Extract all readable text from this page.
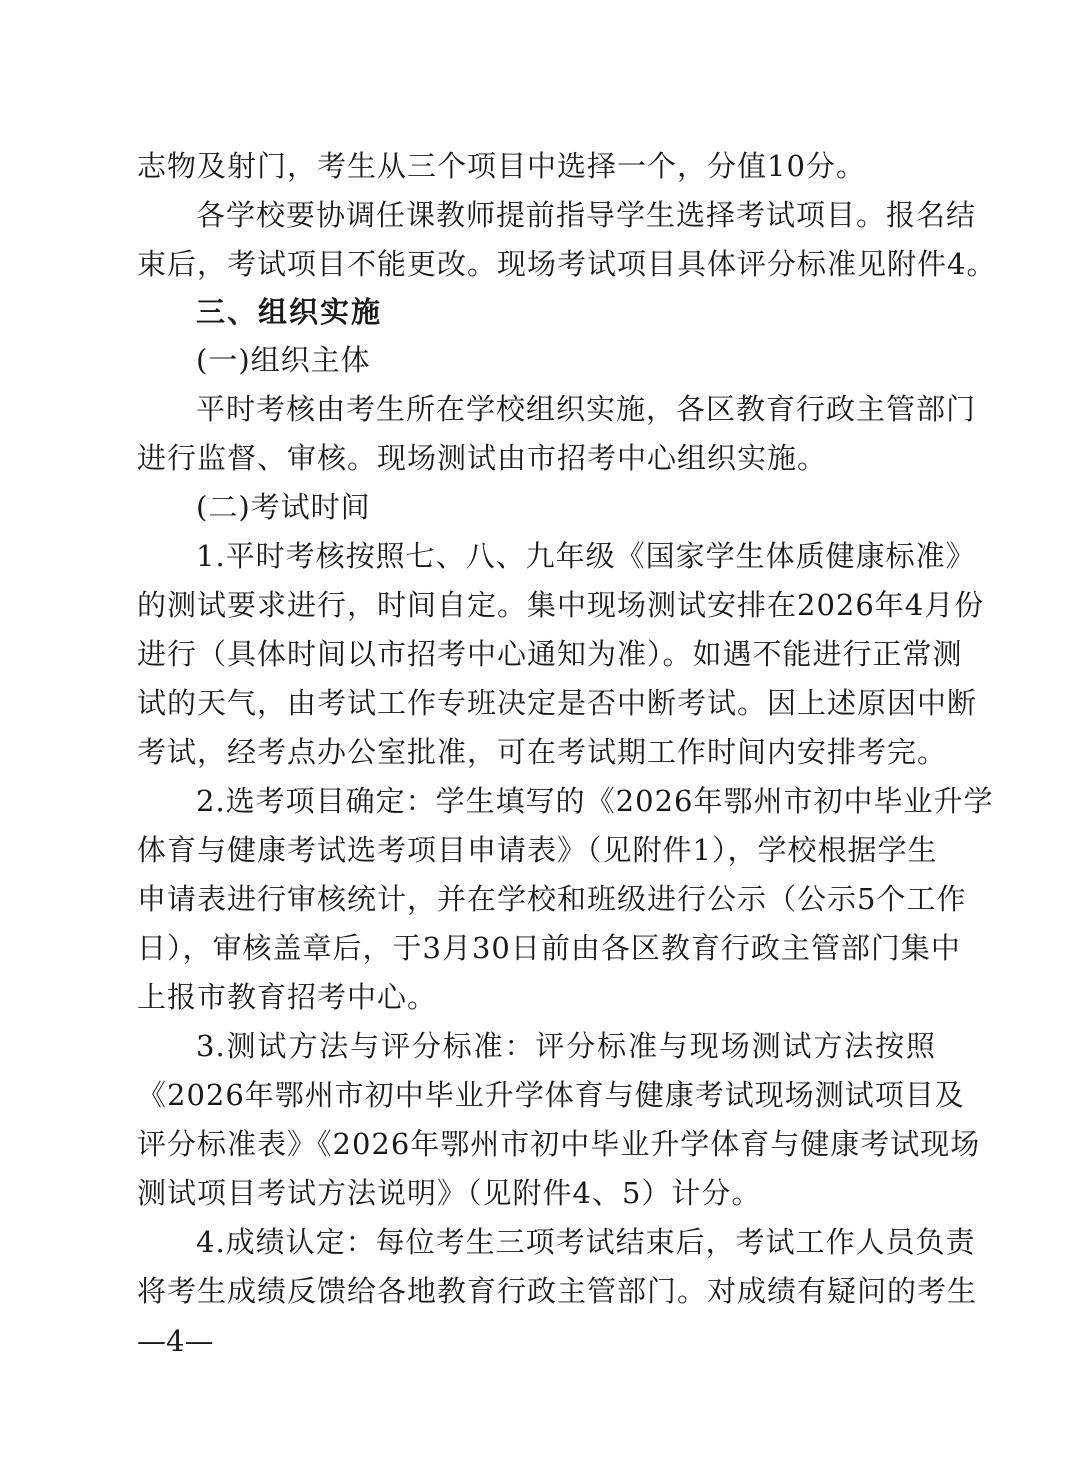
志物及射门，考生从三个项目中选择一个，分值10分。
各学校要协调任课教师提前指导学生选择考试项目。报名结
束后，考试项目不能更改。现场考试项目具体评分标准见附件4。
三、组织实施
(一)组织主体
平时考核由考生所在学校组织实施，各区教育行政主管部门
进行监督、审核。现场测试由市招考中心组织实施。
(二)考试时间
1.平时考核按照七、八、九年级《国家学生体质健康标准》
的测试要求进行，时间自定。集中现场测试安排在2026年4月份
进行（具体时间以市招考中心通知为准）。如遇不能进行正常测
试的天气，由考试工作专班决定是否中断考试。因上述原因中断
考试，经考点办公室批准，可在考试期工作时间内安排考完。
2.选考项目确定：学生填写的《2026年鄂州市初中毕业升学
体育与健康考试选考项目申请表》（见附件1），学校根据学生
申请表进行审核统计，并在学校和班级进行公示（公示5个工作
日），审核盖章后，于3月30日前由各区教育行政主管部门集中
上报市教育招考中心。
3.测试方法与评分标准：评分标准与现场测试方法按照
《2026年鄂州市初中毕业升学体育与健康考试现场测试项目及
评分标准表》《2026年鄂州市初中毕业升学体育与健康考试现场
测试项目考试方法说明》（见附件4、5）计分。
4.成绩认定：每位考生三项考试结束后，考试工作人员负责
将考生成绩反馈给各地教育行政主管部门。对成绩有疑问的考生
—4—
